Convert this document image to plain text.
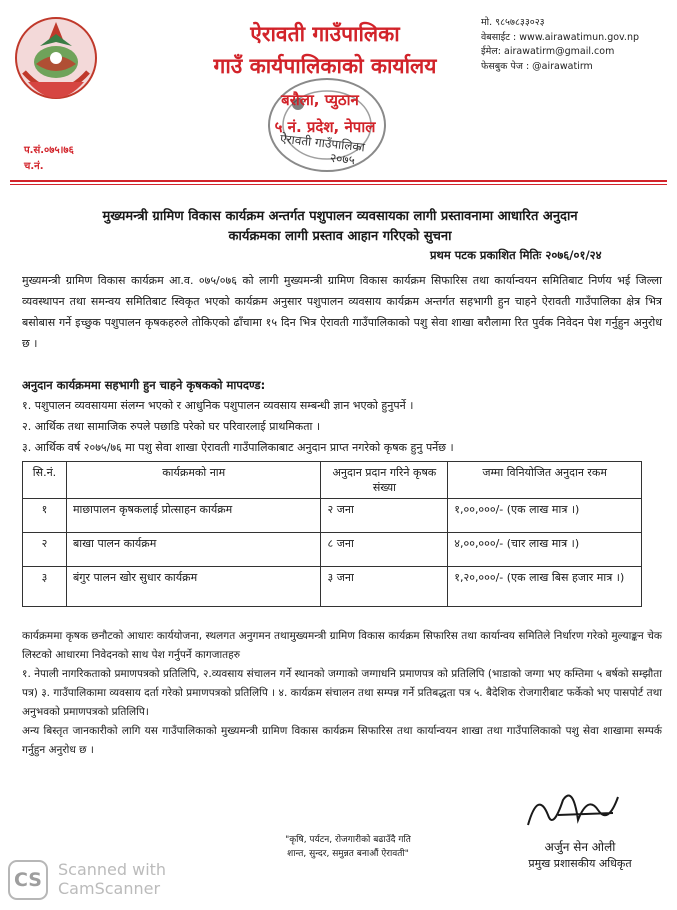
ऐरावती गाउँपालिका
गाउँ कार्यपालिकाको कार्यालय
बरौला, प्युठान
५ नं. प्रदेश, नेपाल
ऐरावती गाउँपालिका
२०७५
मो. ९८५७८३३०२३
वेबसाईट : www.airawatimun.gov.np
ईमेल: airawatirm@gmail.com
फेसबुक पेज : @airawatirm
प.सं.०७५।७६
च.नं.
मुख्यमन्त्री ग्रामिण विकास कार्यक्रम अन्तर्गत पशुपालन व्यवसायका लागी प्रस्तावनामा आधारित अनुदान
कार्यक्रमका लागी प्रस्ताव आहान गरिएको सुचना
प्रथम पटक प्रकाशित मितिः २०७६/०१/२४
मुख्यमन्त्री ग्रामिण विकास कार्यक्रम आ.व. ०७५/०७६ को लागी मुख्यमन्त्री ग्रामिण विकास कार्यक्रम सिफारिस तथा कार्यान्वयन समितिबाट निर्णय भई जिल्ला व्यवस्थापन तथा समन्वय समितिबाट स्विकृत भएको कार्यक्रम अनुसार पशुपालन व्यवसाय कार्यक्रम अन्तर्गत सहभागी हुन चाहने ऐरावती गाउँपालिका क्षेत्र भित्र बसोबास गर्ने इच्छुक पशुपालन कृषकहरुले तोकिएको ढाँचामा १५ दिन भित्र ऐरावती गाउँपालिकाको पशु सेवा शाखा बरौलामा रित पुर्वक निवेदन पेश गर्नुहुन अनुरोध छ ।
अनुदान कार्यक्रममा सहभागी हुन चाहने कृषकको मापदण्ड:
१. पशुपालन व्यवसायमा संलग्न भएको र आधुनिक पशुपालन व्यवसाय सम्बन्धी ज्ञान भएको हुनुपर्ने ।
२. आर्थिक तथा सामाजिक रुपले पछाडि परेको घर परिवारलाई प्राथमिकता ।
३. आर्थिक वर्ष २०७५/७६ मा पशु सेवा शाखा ऐरावती गाउँपालिकाबाट अनुदान प्राप्त नगरेको कृषक हुनु पर्नेछ ।
सि.नं.	कार्यक्रमको नाम	अनुदान प्रदान गरिने कृषक संख्या	जम्मा विनियोजित अनुदान रकम
१	माछापालन कृषकलाई प्रोत्साहन कार्यक्रम	२ जना	१,००,०००/- (एक लाख मात्र ।)
२	बाखा पालन कार्यक्रम	८ जना	४,००,०००/- (चार लाख मात्र ।)
३	बंगुर पालन खोर सुधार कार्यक्रम	३ जना	१,२०,०००/- (एक लाख बिस हजार मात्र ।)
कार्यक्रममा कृषक छनौटको आधारः कार्ययोजना, स्थलगत अनुगमन तथामुख्यमन्त्री ग्रामिण विकास कार्यक्रम सिफारिस तथा कार्यान्वय समितिले निर्धारण गरेको मुल्याङ्कन चेक लिस्टको आधारमा निवेदनको साथ पेश गर्नुपर्ने कागजातहरु
१. नेपाली नागरिकताको प्रमाणपत्रको प्रतिलिपि, २.व्यवसाय संचालन गर्ने स्थानको जग्गाको जग्गाधनि प्रमाणपत्र को प्रतिलिपि (भाडाको जग्गा भए कम्तिमा ५ बर्षको सम्झौता पत्र) ३. गाउँपालिकामा व्यवसाय दर्ता गरेको प्रमाणपत्रको प्रतिलिपि । ४. कार्यक्रम संचालन तथा सम्पन्न गर्ने प्रतिबद्धता पत्र ५. बैदेशिक रोजगारीबाट फर्केको भए पासपोर्ट तथा अनुभवको प्रमाणपत्रको प्रतिलिपि।
अन्य बिस्तृत जानकारीको लागि यस गाउँपालिकाको मुख्यमन्त्री ग्रामिण विकास कार्यक्रम सिफारिस तथा कार्यान्वयन शाखा तथा गाउँपालिकाको पशु सेवा शाखामा सम्पर्क गर्नुहुन अनुरोध छ ।
अर्जुन सेन ओली
प्रमुख प्रशासकीय अधिकृत
"कृषि, पर्यटन, रोजगारीको बढाउँदै गति
शान्त, सुन्दर, समुन्नत बनाऔं ऐरावती"
CS	Scanned with
CamScanner
